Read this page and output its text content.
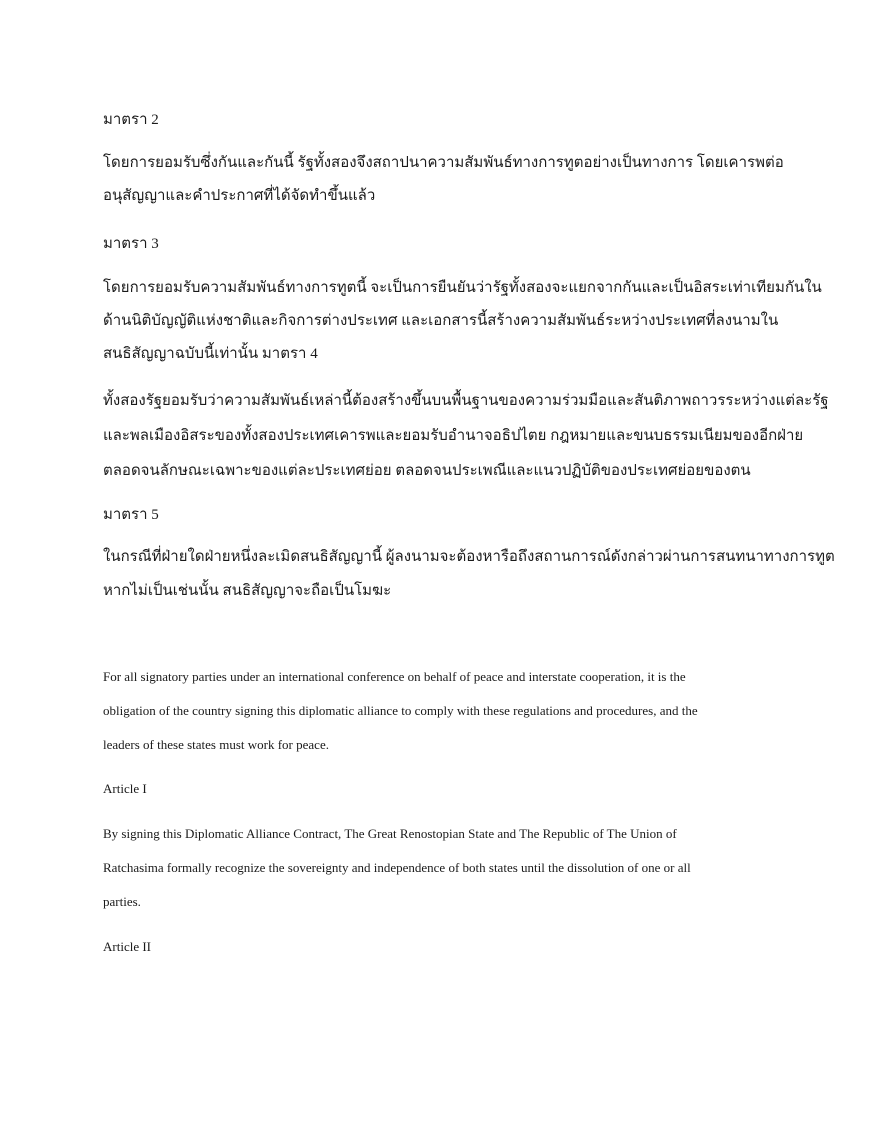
มาตรา 2

โดยการยอมรับซึ่งกันและกันนี้ รัฐทั้งสองจึงสถาปนาความสัมพันธ์ทางการทูตอย่างเป็นทางการ โดยเคารพต่อ
อนุสัญญาและคำประกาศที่ได้จัดทำขึ้นแล้ว

มาตรา 3

โดยการยอมรับความสัมพันธ์ทางการทูตนี้ จะเป็นการยืนยันว่ารัฐทั้งสองจะแยกจากกันและเป็นอิสระเท่าเทียมกันใน
ด้านนิติบัญญัติแห่งชาติและกิจการต่างประเทศ และเอกสารนี้สร้างความสัมพันธ์ระหว่างประเทศที่ลงนามใน
สนธิสัญญาฉบับนี้เท่านั้น มาตรา 4

ทั้งสองรัฐยอมรับว่าความสัมพันธ์เหล่านี้ต้องสร้างขึ้นบนพื้นฐานของความร่วมมือและสันติภาพถาวรระหว่างแต่ละรัฐ
และพลเมืองอิสระของทั้งสองประเทศเคารพและยอมรับอำนาจอธิปไตย กฎหมายและขนบธรรมเนียมของอีกฝ่าย
ตลอดจนลักษณะเฉพาะของแต่ละประเทศย่อย ตลอดจนประเพณีและแนวปฏิบัติของประเทศย่อยของตน

มาตรา 5

ในกรณีที่ฝ่ายใดฝ่ายหนึ่งละเมิดสนธิสัญญานี้ ผู้ลงนามจะต้องหารือถึงสถานการณ์ดังกล่าวผ่านการสนทนาทางการทูต
หากไม่เป็นเช่นนั้น สนธิสัญญาจะถือเป็นโมฆะ

For all signatory parties under an international conference on behalf of peace and interstate cooperation, it is the
obligation of the country signing this diplomatic alliance to comply with these regulations and procedures, and the
leaders of these states must work for peace.

Article I

By signing this Diplomatic Alliance Contract, The Great Renostopian State and The Republic of The Union of
Ratchasima formally recognize the sovereignty and independence of both states until the dissolution of one or all
parties.

Article II
